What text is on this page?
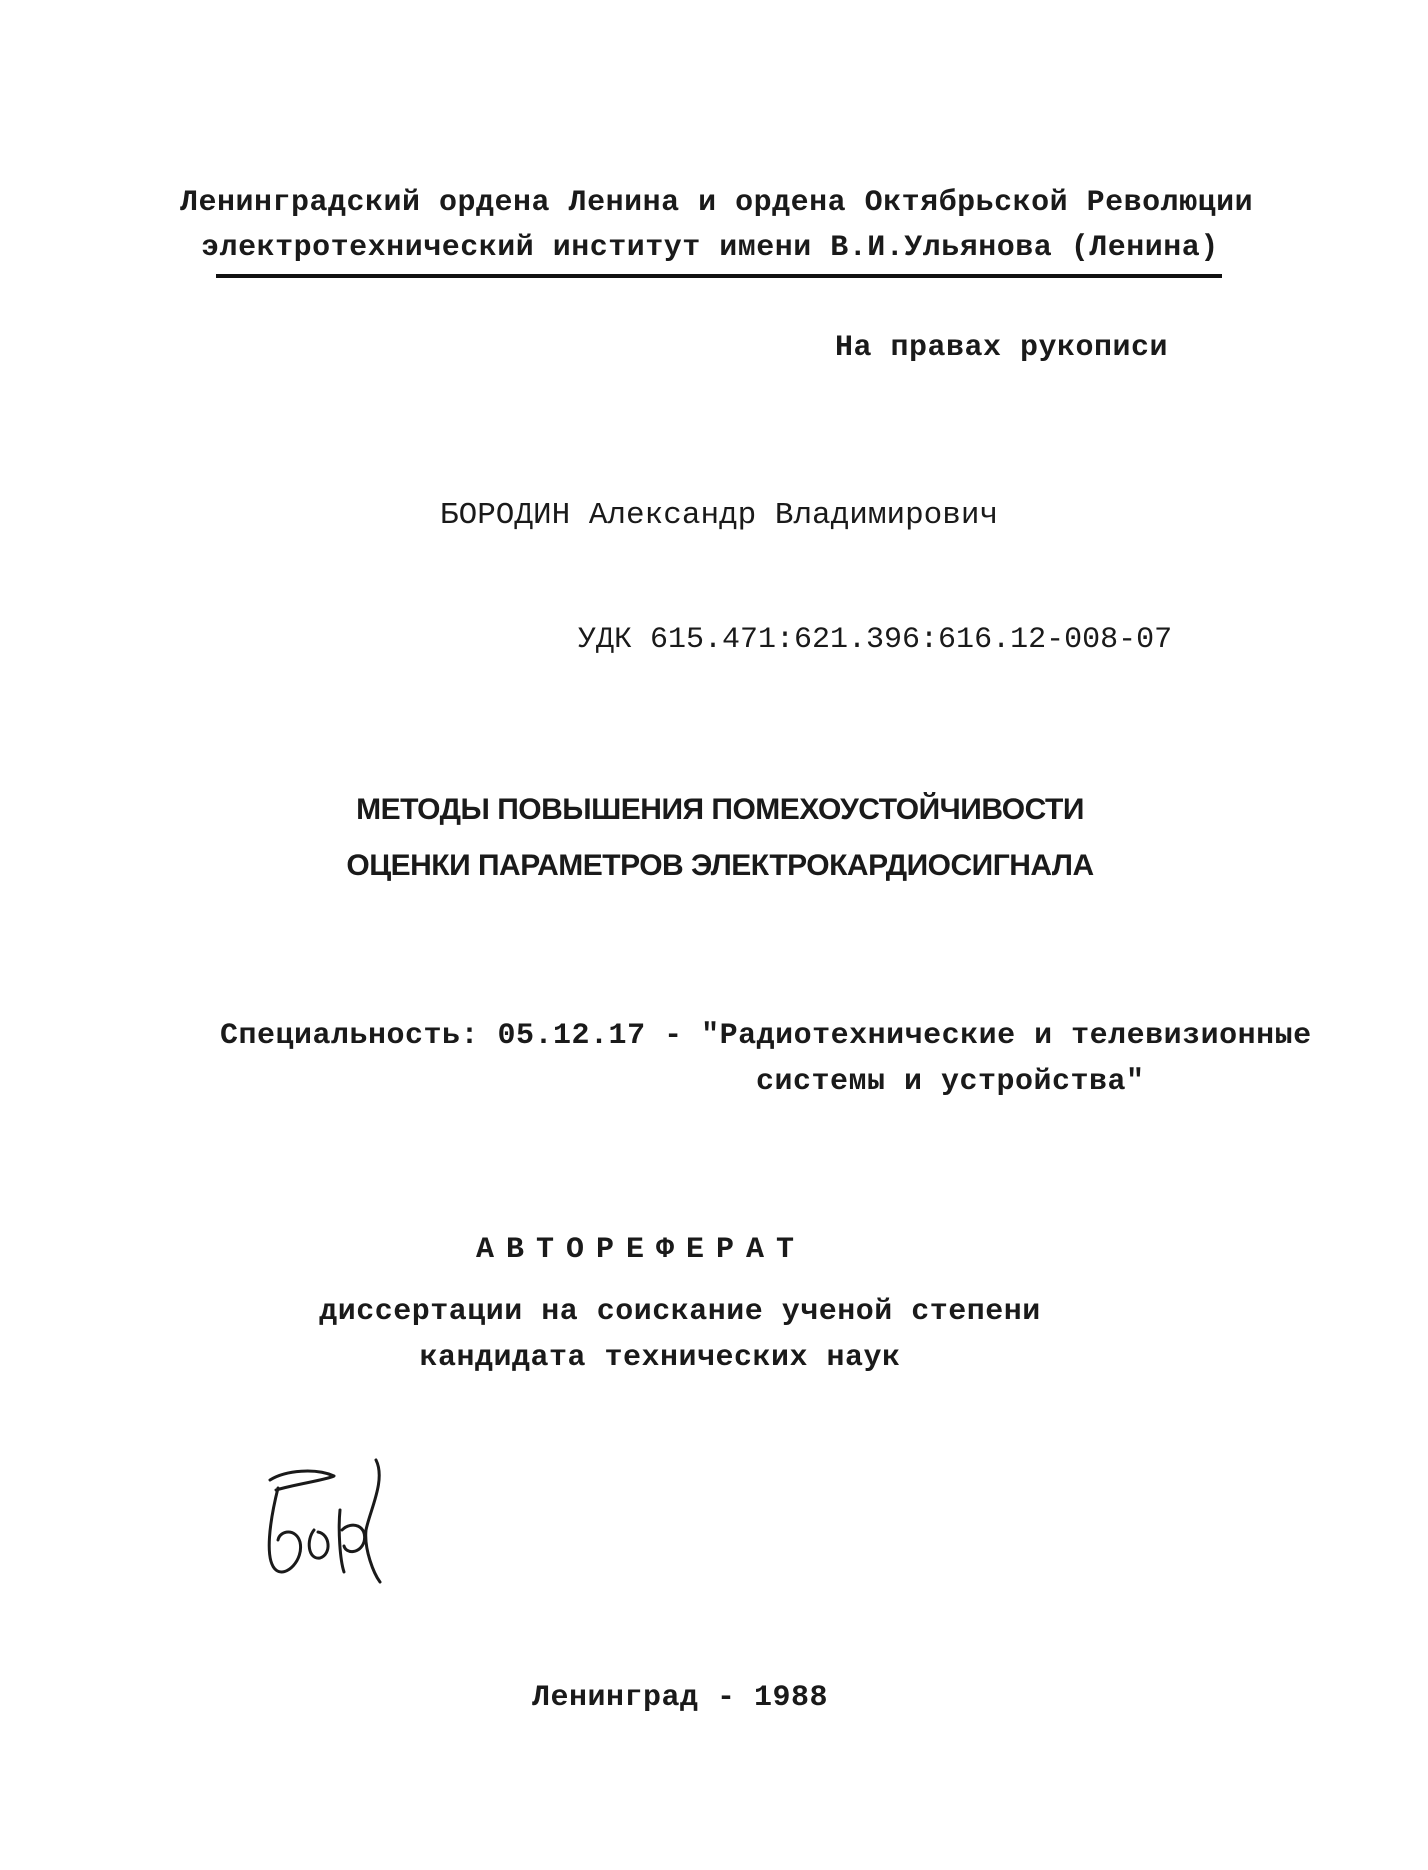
Ленинградский ордена Ленина и ордена Октябрьской Революции
электротехнический институт имени В.И.Ульянова (Ленина)
На правах рукописи
БОРОДИН Александр Владимирович
УДК 615.471:621.396:616.12-008-07
МЕТОДЫ ПОВЫШЕНИЯ ПОМЕХОУСТОЙЧИВОСТИ
ОЦЕНКИ ПАРАМЕТРОВ ЭЛЕКТРОКАРДИОСИГНАЛА
Специальность: 05.12.17 - "Радиотехнические и телевизионные
системы и устройства"
АВТОРЕФЕРАТ
диссертации на соискание ученой степени
кандидата технических наук
Ленинград - 1988
